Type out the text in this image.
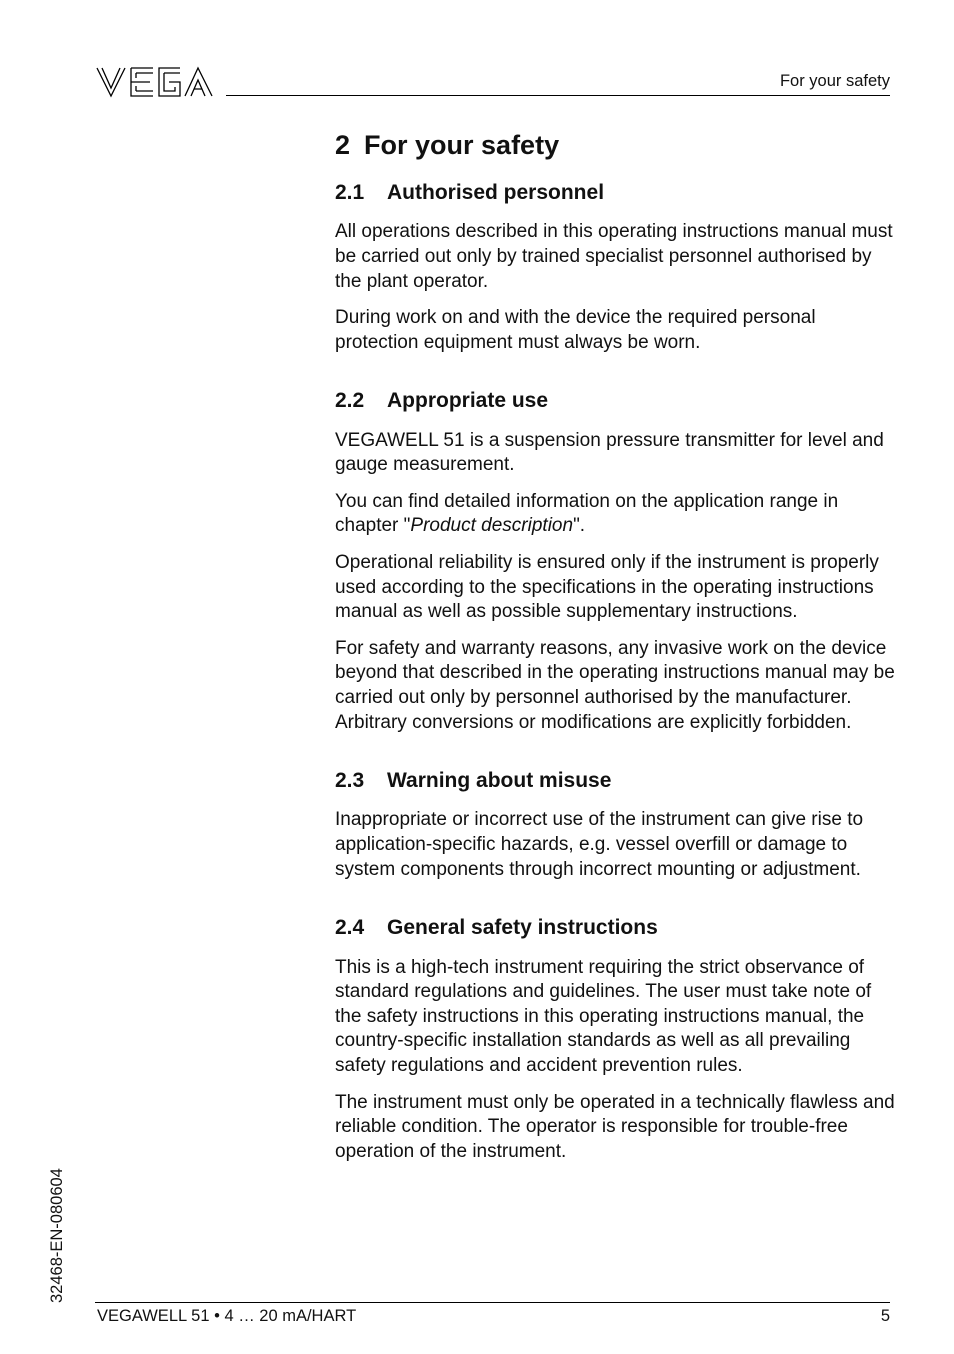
For your safety
2 For your safety
2.1 Authorised personnel

All operations described in this operating instructions manual must be carried out only by trained specialist personnel authorised by the plant operator.

During work on and with the device the required personal protection equipment must always be worn.

2.2 Appropriate use

VEGAWELL 51 is a suspension pressure transmitter for level and gauge measurement.

You can find detailed information on the application range in chapter "Product description".

Operational reliability is ensured only if the instrument is properly used according to the specifications in the operating instructions manual as well as possible supplementary instructions.

For safety and warranty reasons, any invasive work on the device beyond that described in the operating instructions manual may be carried out only by personnel authorised by the manufacturer. Arbitrary conversions or modifications are explicitly forbidden.

2.3 Warning about misuse

Inappropriate or incorrect use of the instrument can give rise to application-specific hazards, e.g. vessel overfill or damage to system components through incorrect mounting or adjustment.

2.4 General safety instructions

This is a high-tech instrument requiring the strict observance of standard regulations and guidelines. The user must take note of the safety instructions in this operating instructions manual, the country-specific installation standards as well as all prevailing safety regulations and accident prevention rules.

The instrument must only be operated in a technically flawless and reliable condition. The operator is responsible for trouble-free operation of the instrument.

32468-EN-080604
VEGAWELL 51 • 4 … 20 mA/HART	5
